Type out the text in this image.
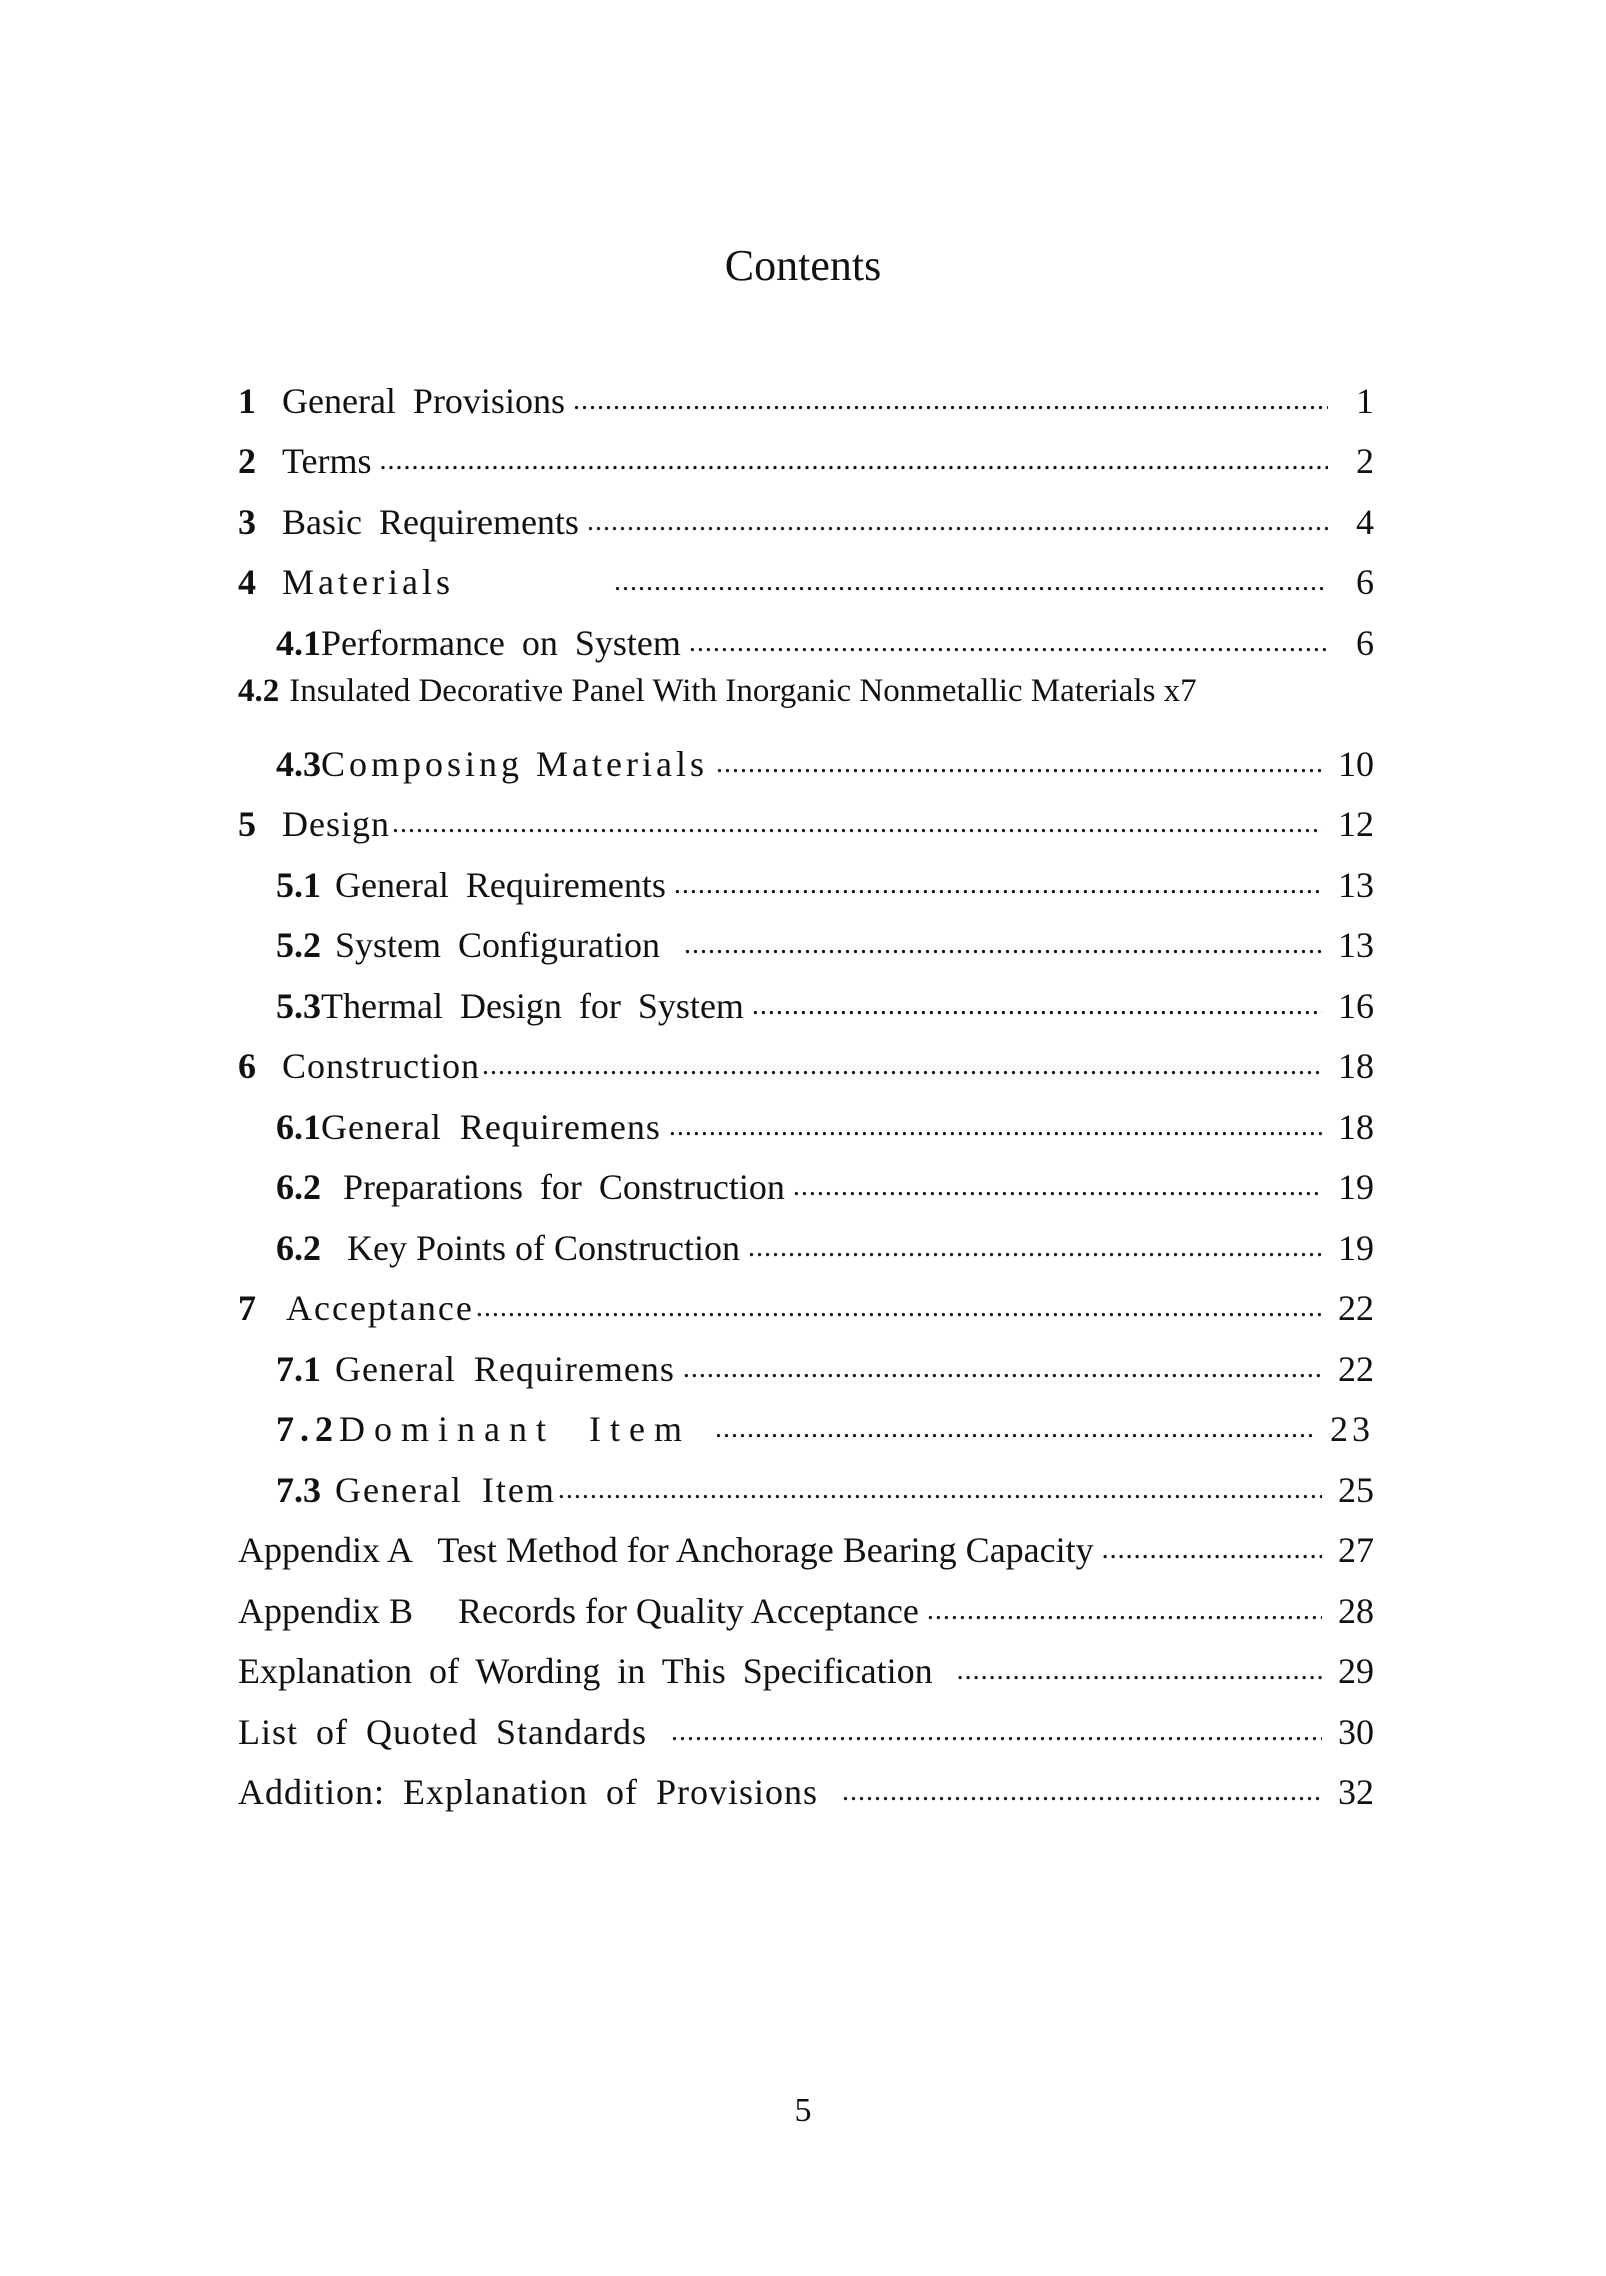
Contents
1 General Provisions .....	1
2 Terms .....	2
3 Basic Requirements .....	4
4 Materials .....	6
4.1 Performance on System .....	6
4.2 Insulated Decorative Panel With Inorganic Nonmetallic Materials x7
4.3 Composing Materials .....	10
5 Design .....	12
5.1 General Requirements .....	13
5.2 System Configuration .....	13
5.3 Thermal Design for System .....	16
6 Construction .....	18
6.1 General Requiremens .....	18
6.2 Preparations for Construction .....	19
6.2 Key Points of Construction .....	19
7 Acceptance .....	22
7.1 General Requiremens .....	22
7.2 Dominant Item .....	23
7.3 General Item .....	25
Appendix A   Test Method for Anchorage Bearing Capacity .....	27
Appendix B     Records for Quality Acceptance .....	28
Explanation of Wording in This Specification .....	29
List of Quoted Standards .....	30
Addition: Explanation of Provisions .....	32
5
